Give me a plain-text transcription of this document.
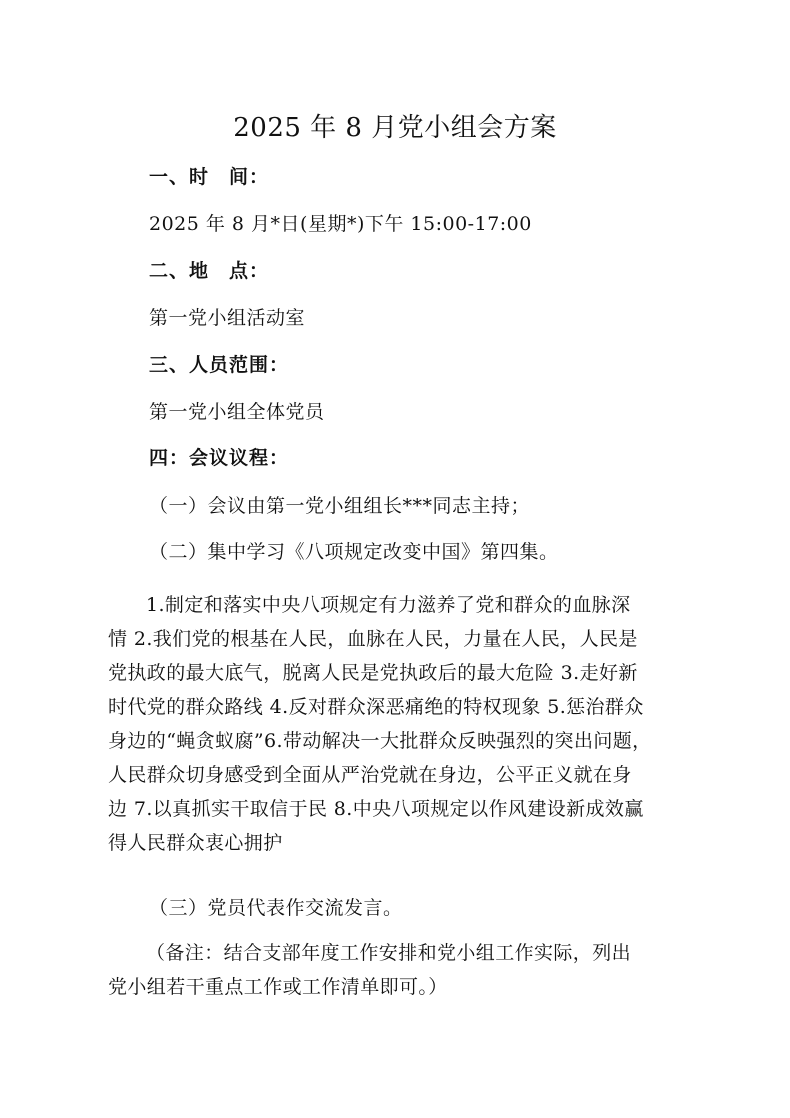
2025 年 8 月党小组会方案
一、时　间：
2025 年 8 月*日(星期*)下午 15:00-17:00
二、地　点：
第一党小组活动室
三、人员范围：
第一党小组全体党员
四：会议议程：
（一）会议由第一党小组组长***同志主持；
（二）集中学习《八项规定改变中国》第四集。
1.制定和落实中央八项规定有力滋养了党和群众的血脉深
情 2.我们党的根基在人民，血脉在人民，力量在人民，人民是
党执政的最大底气，脱离人民是党执政后的最大危险 3.走好新
时代党的群众路线 4.反对群众深恶痛绝的特权现象 5.惩治群众
身边的“蝇贪蚁腐”6.带动解决一大批群众反映强烈的突出问题，
人民群众切身感受到全面从严治党就在身边，公平正义就在身
边 7.以真抓实干取信于民 8.中央八项规定以作风建设新成效赢
得人民群众衷心拥护
（三）党员代表作交流发言。
（备注：结合支部年度工作安排和党小组工作实际，列出
党小组若干重点工作或工作清单即可。）
